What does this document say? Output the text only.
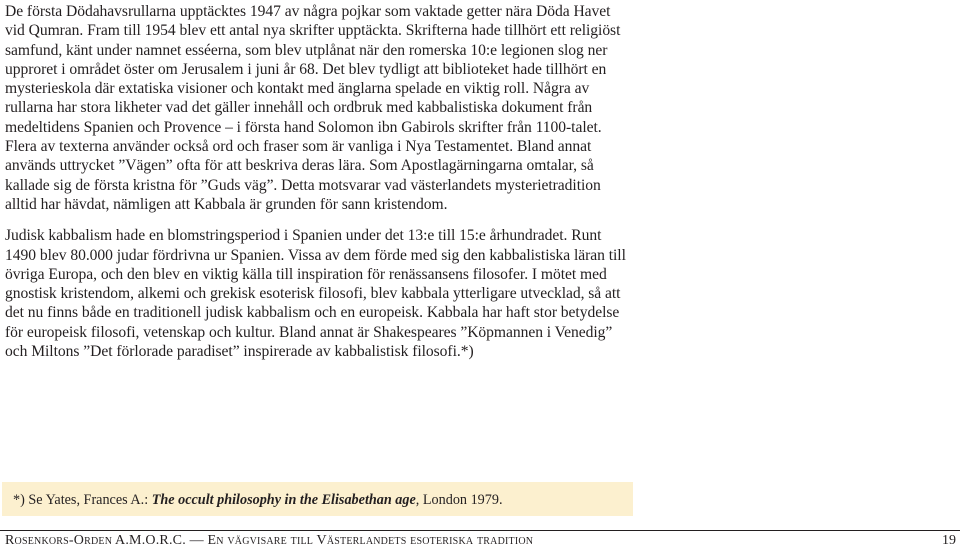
De första Dödahavsrullarna upptäcktes 1947 av några pojkar som vaktade getter nära Döda Havet vid Qumran. Fram till 1954 blev ett antal nya skrifter upptäckta. Skrifterna hade tillhört ett religiöst samfund, känt under namnet esséerna, som blev utplånat när den romerska 10:e legionen slog ner upproret i området öster om Jerusalem i juni år 68. Det blev tydligt att biblioteket hade tillhört en mysterieskola där extatiska visioner och kontakt med änglarna spelade en viktig roll. Några av rullarna har stora likheter vad det gäller innehåll och ordbruk med kabbalistiska dokument från medeltidens Spanien och Provence – i första hand Solomon ibn Gabirols skrifter från 1100-talet. Flera av texterna använder också ord och fraser som är vanliga i Nya Testamentet. Bland annat används uttrycket ”Vägen” ofta för att beskriva deras lära. Som Apostlagärningarna omtalar, så kallade sig de första kristna för ”Guds väg”. Detta motsvarar vad västerlandets mysterietradition alltid har hävdat, nämligen att Kabbala är grunden för sann kristendom.

Judisk kabbalism hade en blomstringsperiod i Spanien under det 13:e till 15:e århundradet. Runt 1490 blev 80.000 judar fördrivna ur Spanien. Vissa av dem förde med sig den kabbalistiska läran till övriga Europa, och den blev en viktig källa till inspiration för renässansens filosofer. I mötet med gnostisk kristendom, alkemi och grekisk esoterisk filosofi, blev kabbala ytterligare utvecklad, så att det nu finns både en traditionell judisk kabbalism och en europeisk. Kabbala har haft stor betydelse för europeisk filosofi, vetenskap och kultur. Bland annat är Shakespeares ”Köpmannen i Venedig” och Miltons ”Det förlorade paradiset” inspirerade av kabbalistisk filosofi.*)

*) Se Yates, Frances A.: The occult philosophy in the Elisabethan age, London 1979.
Rosenkors-Orden A.M.O.R.C. — En vägvisare till Västerlandets esoteriska tradition	19
